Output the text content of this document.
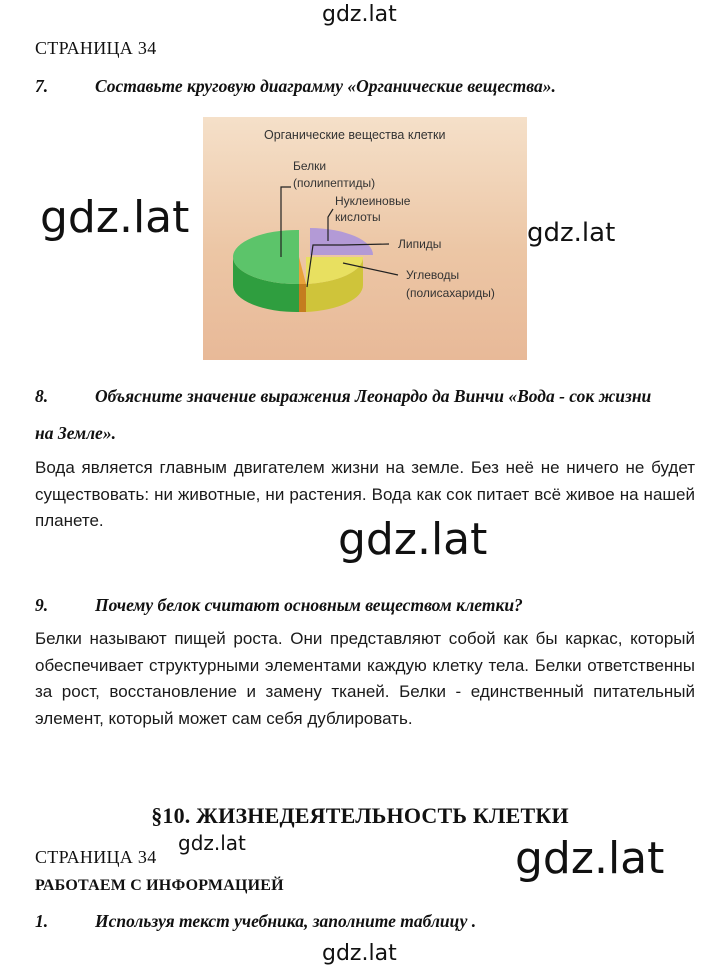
gdz.lat
gdz.lat	gdz.lat
gdz.lat
gdz.lat	gdz.lat
gdz.lat
СТРАНИЦА 34
7.	Составьте круговую диаграмму «Органические вещества».
Органические вещества клетки
Белки (полипептиды)
Нуклеиновые кислоты
Липиды
Углеводы (полисахариды)
8.	Объясните значение выражения Леонардо да Винчи «Вода - сок жизни
на Земле».
Вода является главным двигателем жизни на земле. Без неё не ничего не будет существовать: ни животные, ни растения. Вода как сок питает всё живое на нашей планете.
9.	Почему белок считают основным веществом клетки?
Белки называют пищей роста. Они представляют собой как бы каркас, который обеспечивает структурными элементами каждую клетку тела. Белки ответственны за рост, восстановление и замену тканей. Белки - единственный питательный элемент, который может сам себя дублировать.
§10. ЖИЗНЕДЕЯТЕЛЬНОСТЬ КЛЕТКИ
СТРАНИЦА 34
РАБОТАЕМ С ИНФОРМАЦИЕЙ
1.	Используя текст учебника, заполните таблицу .
